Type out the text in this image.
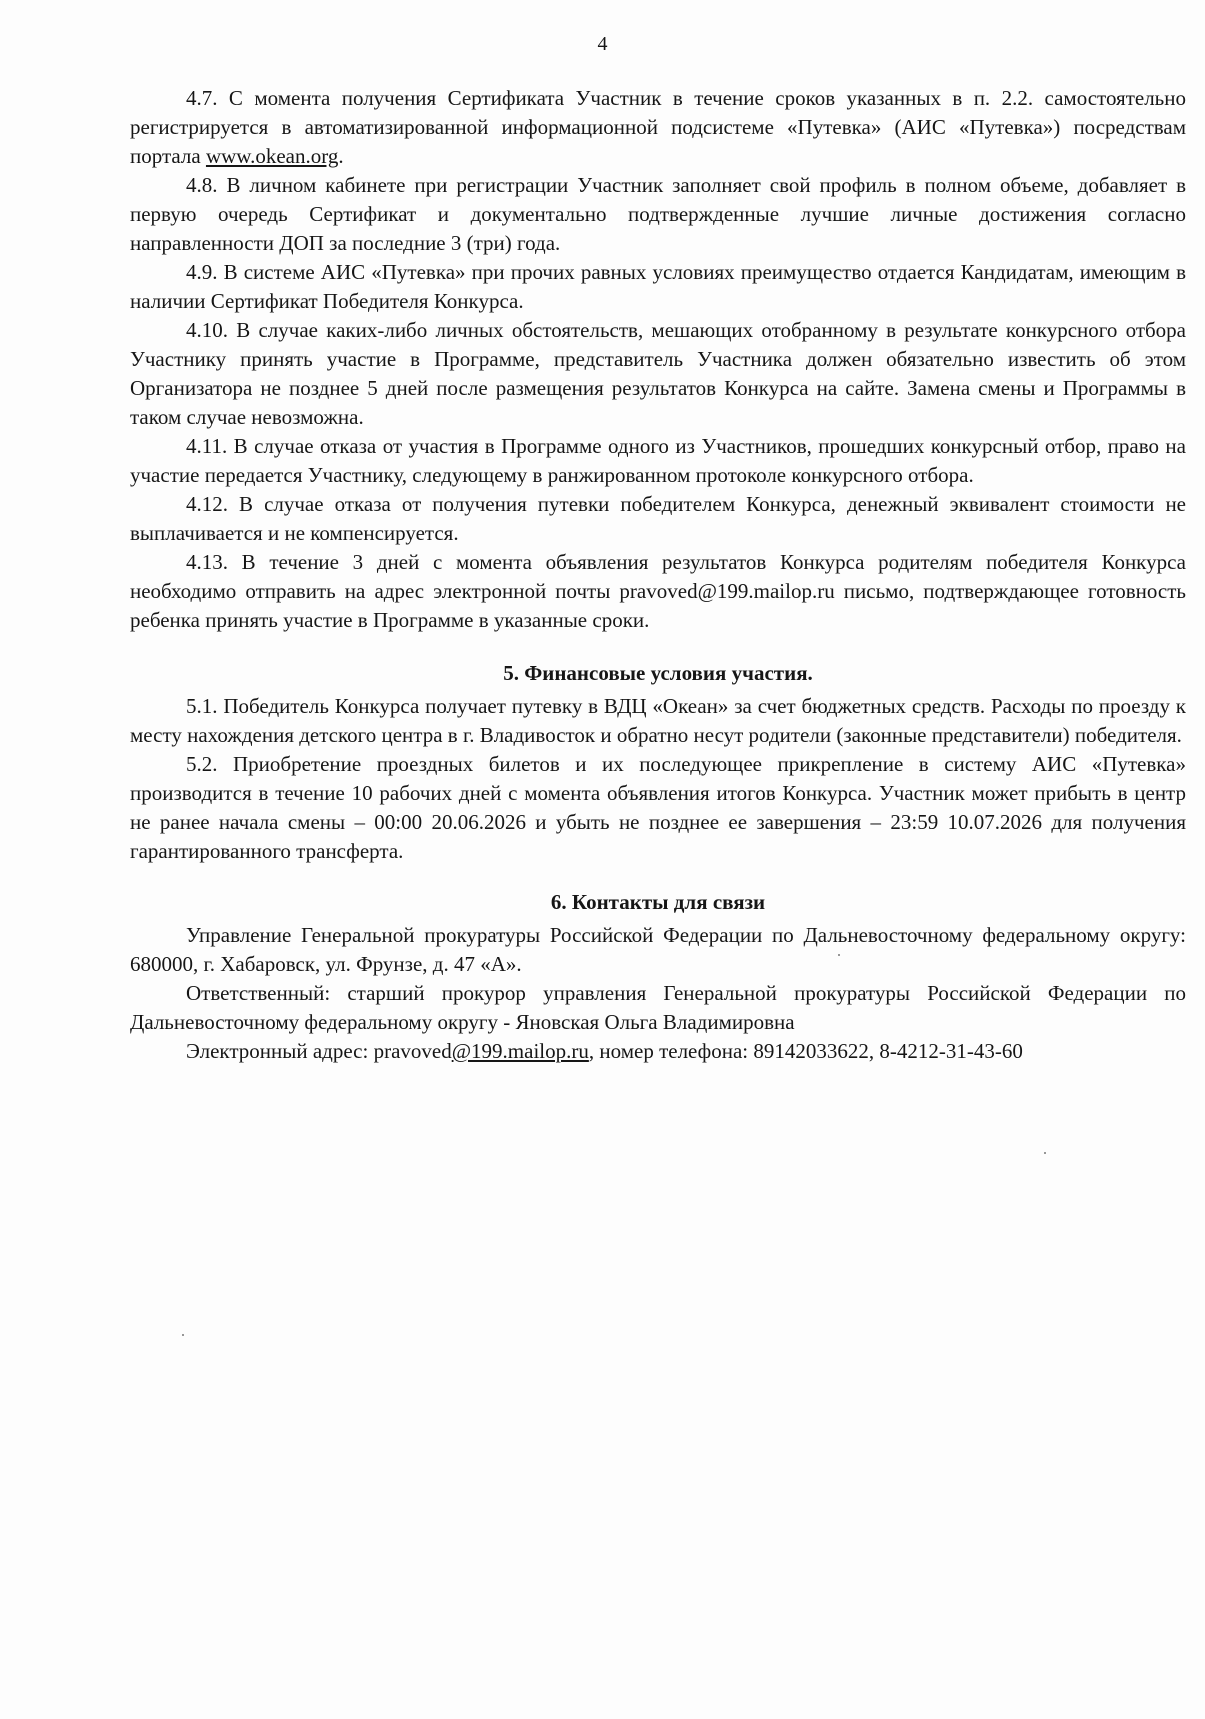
4

4.7. С момента получения Сертификата Участник в течение сроков указанных в п. 2.2. самостоятельно регистрируется в автоматизированной информационной подсистеме «Путевка» (АИС «Путевка») посредствам портала www.okean.org.

4.8. В личном кабинете при регистрации Участник заполняет свой профиль в полном объеме, добавляет в первую очередь Сертификат и документально подтвержденные лучшие личные достижения согласно направленности ДОП за последние 3 (три) года.

4.9. В системе АИС «Путевка» при прочих равных условиях преимущество отдается Кандидатам, имеющим в наличии Сертификат Победителя Конкурса.

4.10. В случае каких-либо личных обстоятельств, мешающих отобранному в результате конкурсного отбора Участнику принять участие в Программе, представитель Участника должен обязательно известить об этом Организатора не позднее 5 дней после размещения результатов Конкурса на сайте. Замена смены и Программы в таком случае невозможна.

4.11. В случае отказа от участия в Программе одного из Участников, прошедших конкурсный отбор, право на участие передается Участнику, следующему в ранжированном протоколе конкурсного отбора.

4.12. В случае отказа от получения путевки победителем Конкурса, денежный эквивалент стоимости не выплачивается и не компенсируется.

4.13. В течение 3 дней с момента объявления результатов Конкурса родителям победителя Конкурса необходимо отправить на адрес электронной почты pravoved@199.mailop.ru письмо, подтверждающее готовность ребенка принять участие в Программе в указанные сроки.

5. Финансовые условия участия.

5.1. Победитель Конкурса получает путевку в ВДЦ «Океан» за счет бюджетных средств. Расходы по проезду к месту нахождения детского центра в г. Владивосток и обратно несут родители (законные представители) победителя.

5.2. Приобретение проездных билетов и их последующее прикрепление в систему АИС «Путевка» производится в течение 10 рабочих дней с момента объявления итогов Конкурса. Участник может прибыть в центр не ранее начала смены – 00:00 20.06.2026 и убыть не позднее ее завершения – 23:59 10.07.2026 для получения гарантированного трансферта.

6. Контакты для связи

Управление Генеральной прокуратуры Российской Федерации по Дальневосточному федеральному округу: 680000, г. Хабаровск, ул. Фрунзе, д. 47 «А».

Ответственный: старший прокурор управления Генеральной прокуратуры Российской Федерации по Дальневосточному федеральному округу - Яновская Ольга Владимировна

Электронный адрес: pravoved@199.mailop.ru, номер телефона: 89142033622, 8-4212-31-43-60
